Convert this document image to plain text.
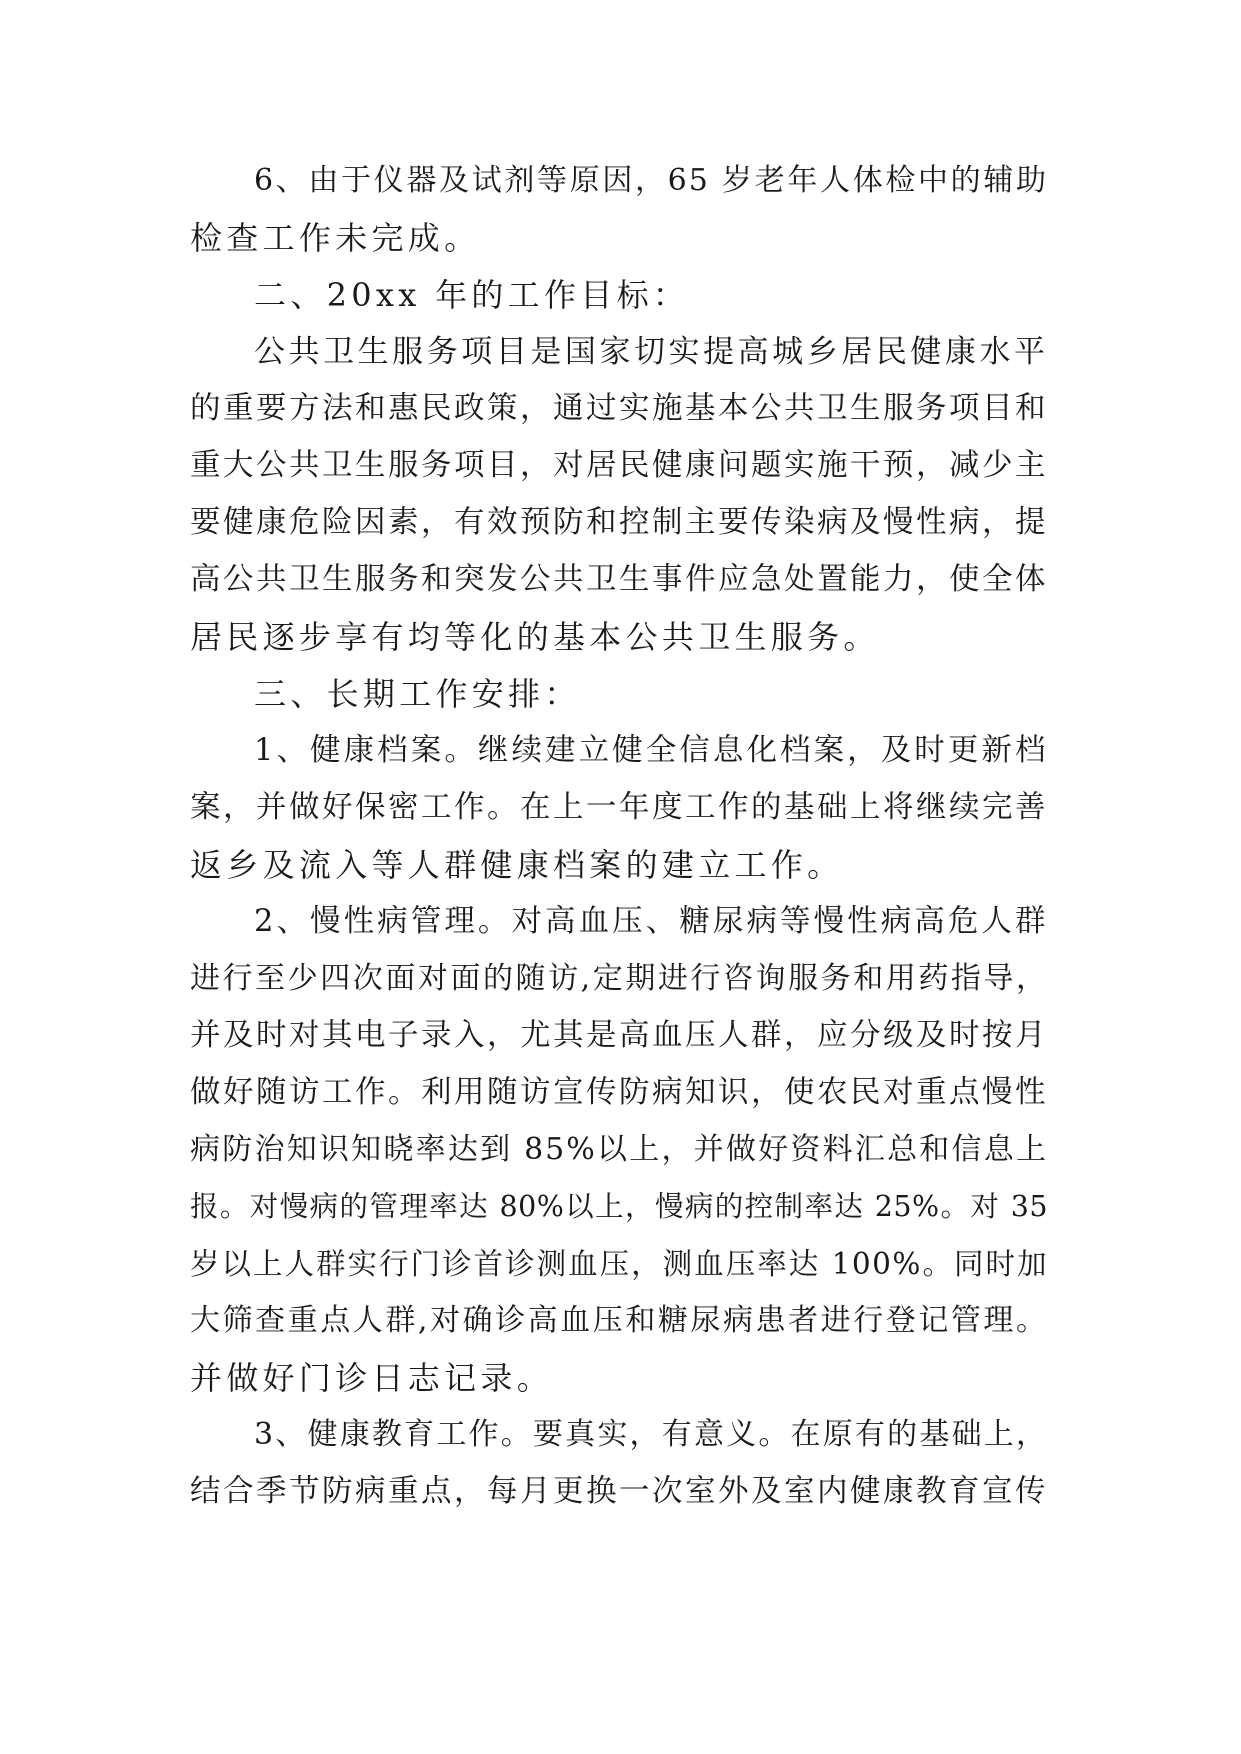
6、由于仪器及试剂等原因，65 岁老年人体检中的辅助
检查工作未完成。
二、20xx 年的工作目标：
公共卫生服务项目是国家切实提高城乡居民健康水平
的重要方法和惠民政策，通过实施基本公共卫生服务项目和
重大公共卫生服务项目，对居民健康问题实施干预，减少主
要健康危险因素，有效预防和控制主要传染病及慢性病，提
高公共卫生服务和突发公共卫生事件应急处置能力，使全体
居民逐步享有均等化的基本公共卫生服务。
三、长期工作安排：
1、健康档案。继续建立健全信息化档案，及时更新档
案，并做好保密工作。在上一年度工作的基础上将继续完善
返乡及流入等人群健康档案的建立工作。
2、慢性病管理。对高血压、糖尿病等慢性病高危人群
进行至少四次面对面的随访,定期进行咨询服务和用药指导，
并及时对其电子录入，尤其是高血压人群，应分级及时按月
做好随访工作。利用随访宣传防病知识，使农民对重点慢性
病防治知识知晓率达到 85%以上，并做好资料汇总和信息上
报。对慢病的管理率达 80%以上，慢病的控制率达 25%。对 35
岁以上人群实行门诊首诊测血压，测血压率达 100%。同时加
大筛查重点人群,对确诊高血压和糖尿病患者进行登记管理。
并做好门诊日志记录。
3、健康教育工作。要真实，有意义。在原有的基础上，
结合季节防病重点，每月更换一次室外及室内健康教育宣传
